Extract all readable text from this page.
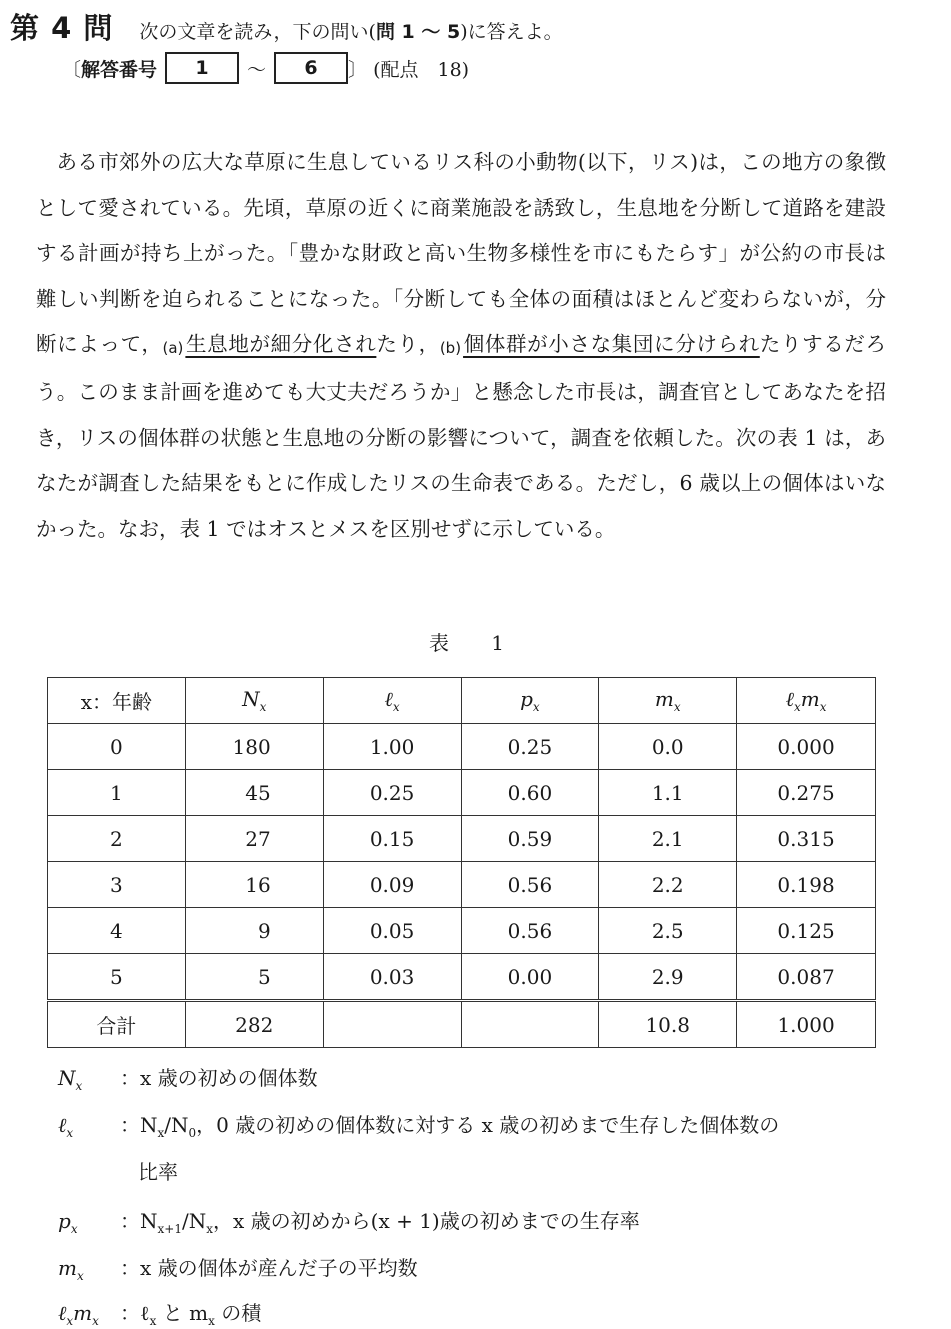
第 4 問 次の文章を読み，下の問い(問 1 ～ 5)に答えよ。
〔 解答番号	1	～	6	〕 (配点　18)
ある市郊外の広大な草原に生息しているリス科の小動物(以下，リス)は，この地方の象徴として愛されている。先頃，草原の近くに商業施設を誘致し，生息地を分断して道路を建設する計画が持ち上がった。「豊かな財政と高い生物多様性を市にもたらす」が公約の市長は難しい判断を迫られることになった。「分断しても全体の面積はほとんど変わらないが，分断によって，(a)生息地が細分化されたり，(b)個体群が小さな集団に分けられたりするだろう。このまま計画を進めても大丈夫だろうか」と懸念した市長は，調査官としてあなたを招き，リスの個体群の状態と生息地の分断の影響について，調査を依頼した。次の表 1 は，あなたが調査した結果をもとに作成したリスの生命表である。ただし，6 歳以上の個体はいなかった。なお，表 1 ではオスとメスを区別せずに示している。
表 1
x：年齢	$N_x$	ℓ$_x$	$p_x$	$m_x$	$\ell_xm_x$
0	180	1.00	0.25	0.0	0.000
1	45	0.25	0.60	1.1	0.275
2	27	0.15	0.59	2.1	0.315
3	16	0.09	0.56	2.2	0.198
4	9	0.05	0.56	2.5	0.125
5	5	0.03	0.00	2.9	0.087
合計	282			10.8	1.000
$N_x$ ：x 歳の初めの個体数
ℓ$_x$ ：$N_x/N_0$，0 歳の初めの個体数に対する x 歳の初めまで生存した個体数の
比率
$p_x$ ：$N_{x+1}/N_x$，x 歳の初めから(x + 1)歳の初めまでの生存率
$m_x$ ：x 歳の個体が産んだ子の平均数
$\ell_xm_x$ ：ℓ$_x$ と $m_x$ の積
